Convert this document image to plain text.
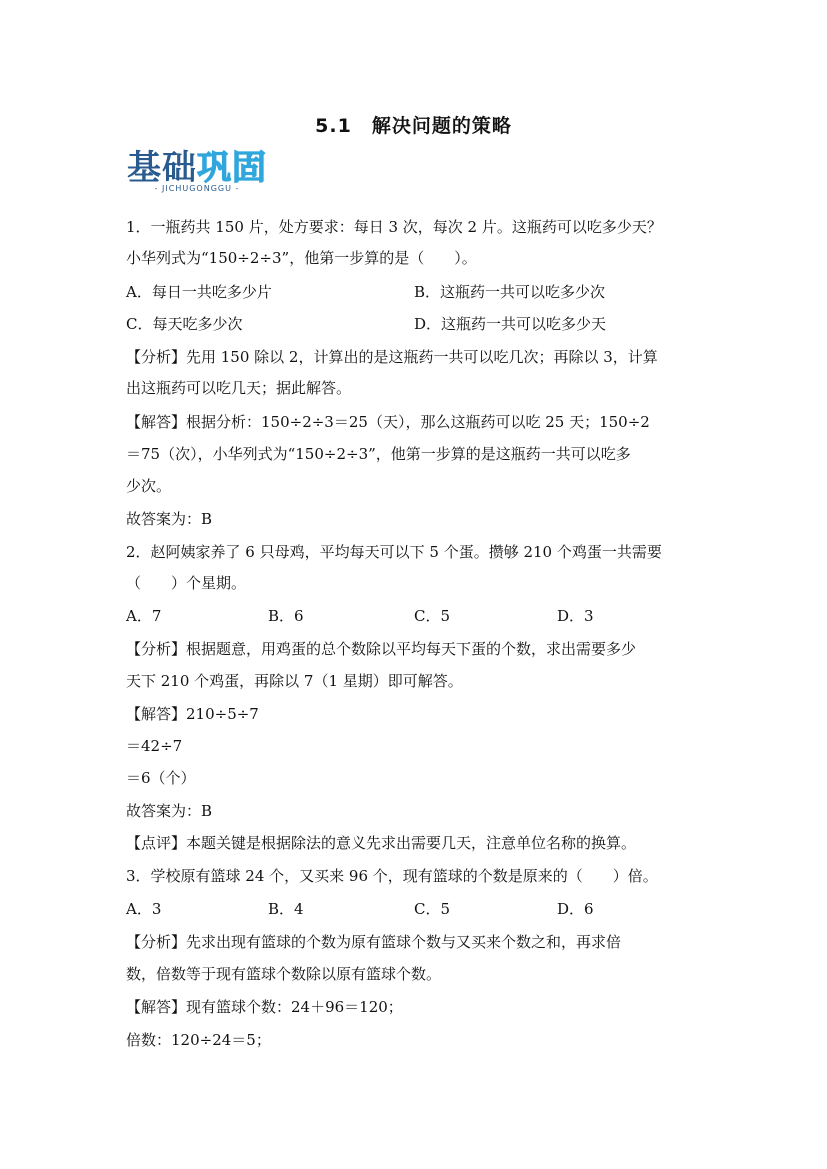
5.1　解决问题的策略
基础巩固
- JICHUGONGGU -
1．一瓶药共 150 片，处方要求：每日 3 次，每次 2 片。这瓶药可以吃多少天？
小华列式为“150÷2÷3”，他第一步算的是（　　）。
A．每日一共吃多少片	B．这瓶药一共可以吃多少次
C．每天吃多少次	D．这瓶药一共可以吃多少天
【分析】先用 150 除以 2，计算出的是这瓶药一共可以吃几次；再除以 3，计算
出这瓶药可以吃几天；据此解答。
【解答】根据分析：150÷2÷3＝25（天），那么这瓶药可以吃 25 天；150÷2
＝75（次），小华列式为“150÷2÷3”，他第一步算的是这瓶药一共可以吃多
少次。
故答案为：B
2．赵阿姨家养了 6 只母鸡，平均每天可以下 5 个蛋。攒够 210 个鸡蛋一共需要
（　　）个星期。
A．7	B．6	C．5	D．3
【分析】根据题意，用鸡蛋的总个数除以平均每天下蛋的个数，求出需要多少
天下 210 个鸡蛋，再除以 7（1 星期）即可解答。
【解答】210÷5÷7
＝42÷7
＝6（个）
故答案为：B
【点评】本题关键是根据除法的意义先求出需要几天，注意单位名称的换算。
3．学校原有篮球 24 个，又买来 96 个，现有篮球的个数是原来的（　　）倍。
A．3	B．4	C．5	D．6
【分析】先求出现有篮球的个数为原有篮球个数与又买来个数之和，再求倍
数，倍数等于现有篮球个数除以原有篮球个数。
【解答】现有篮球个数：24＋96＝120；
倍数：120÷24＝5；
